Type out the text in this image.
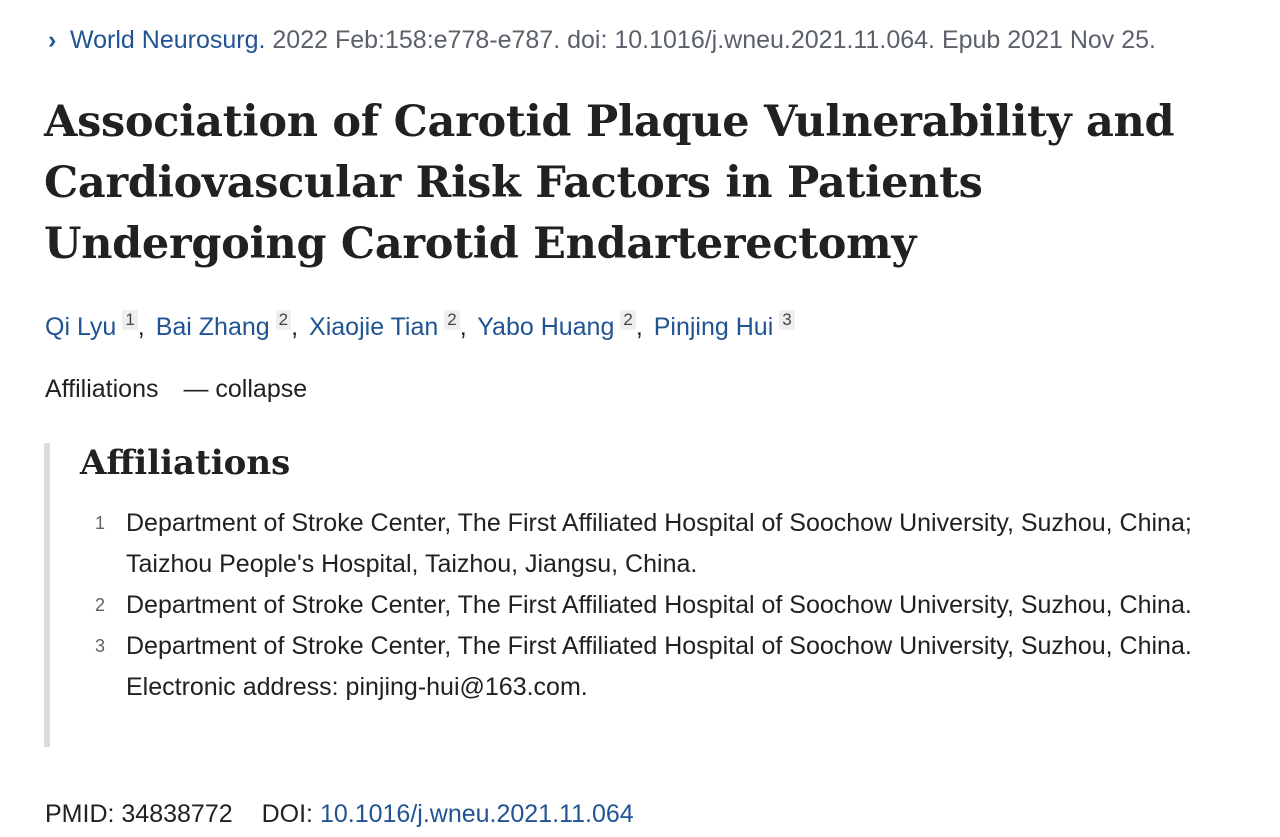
› World Neurosurg. 2022 Feb:158:e778-e787. doi: 10.1016/j.wneu.2021.11.064. Epub 2021 Nov 25.
Association of Carotid Plaque Vulnerability and Cardiovascular Risk Factors in Patients Undergoing Carotid Endarterectomy
Qi Lyu 1 , Bai Zhang 2 , Xiaojie Tian 2 , Yabo Huang 2 , Pinjing Hui 3
Affiliations — collapse
Affiliations
1 Department of Stroke Center, The First Affiliated Hospital of Soochow University, Suzhou, China; Taizhou People's Hospital, Taizhou, Jiangsu, China.
2 Department of Stroke Center, The First Affiliated Hospital of Soochow University, Suzhou, China.
3 Department of Stroke Center, The First Affiliated Hospital of Soochow University, Suzhou, China. Electronic address: pinjing-hui@163.com.
PMID: 34838772 DOI: 10.1016/j.wneu.2021.11.064
